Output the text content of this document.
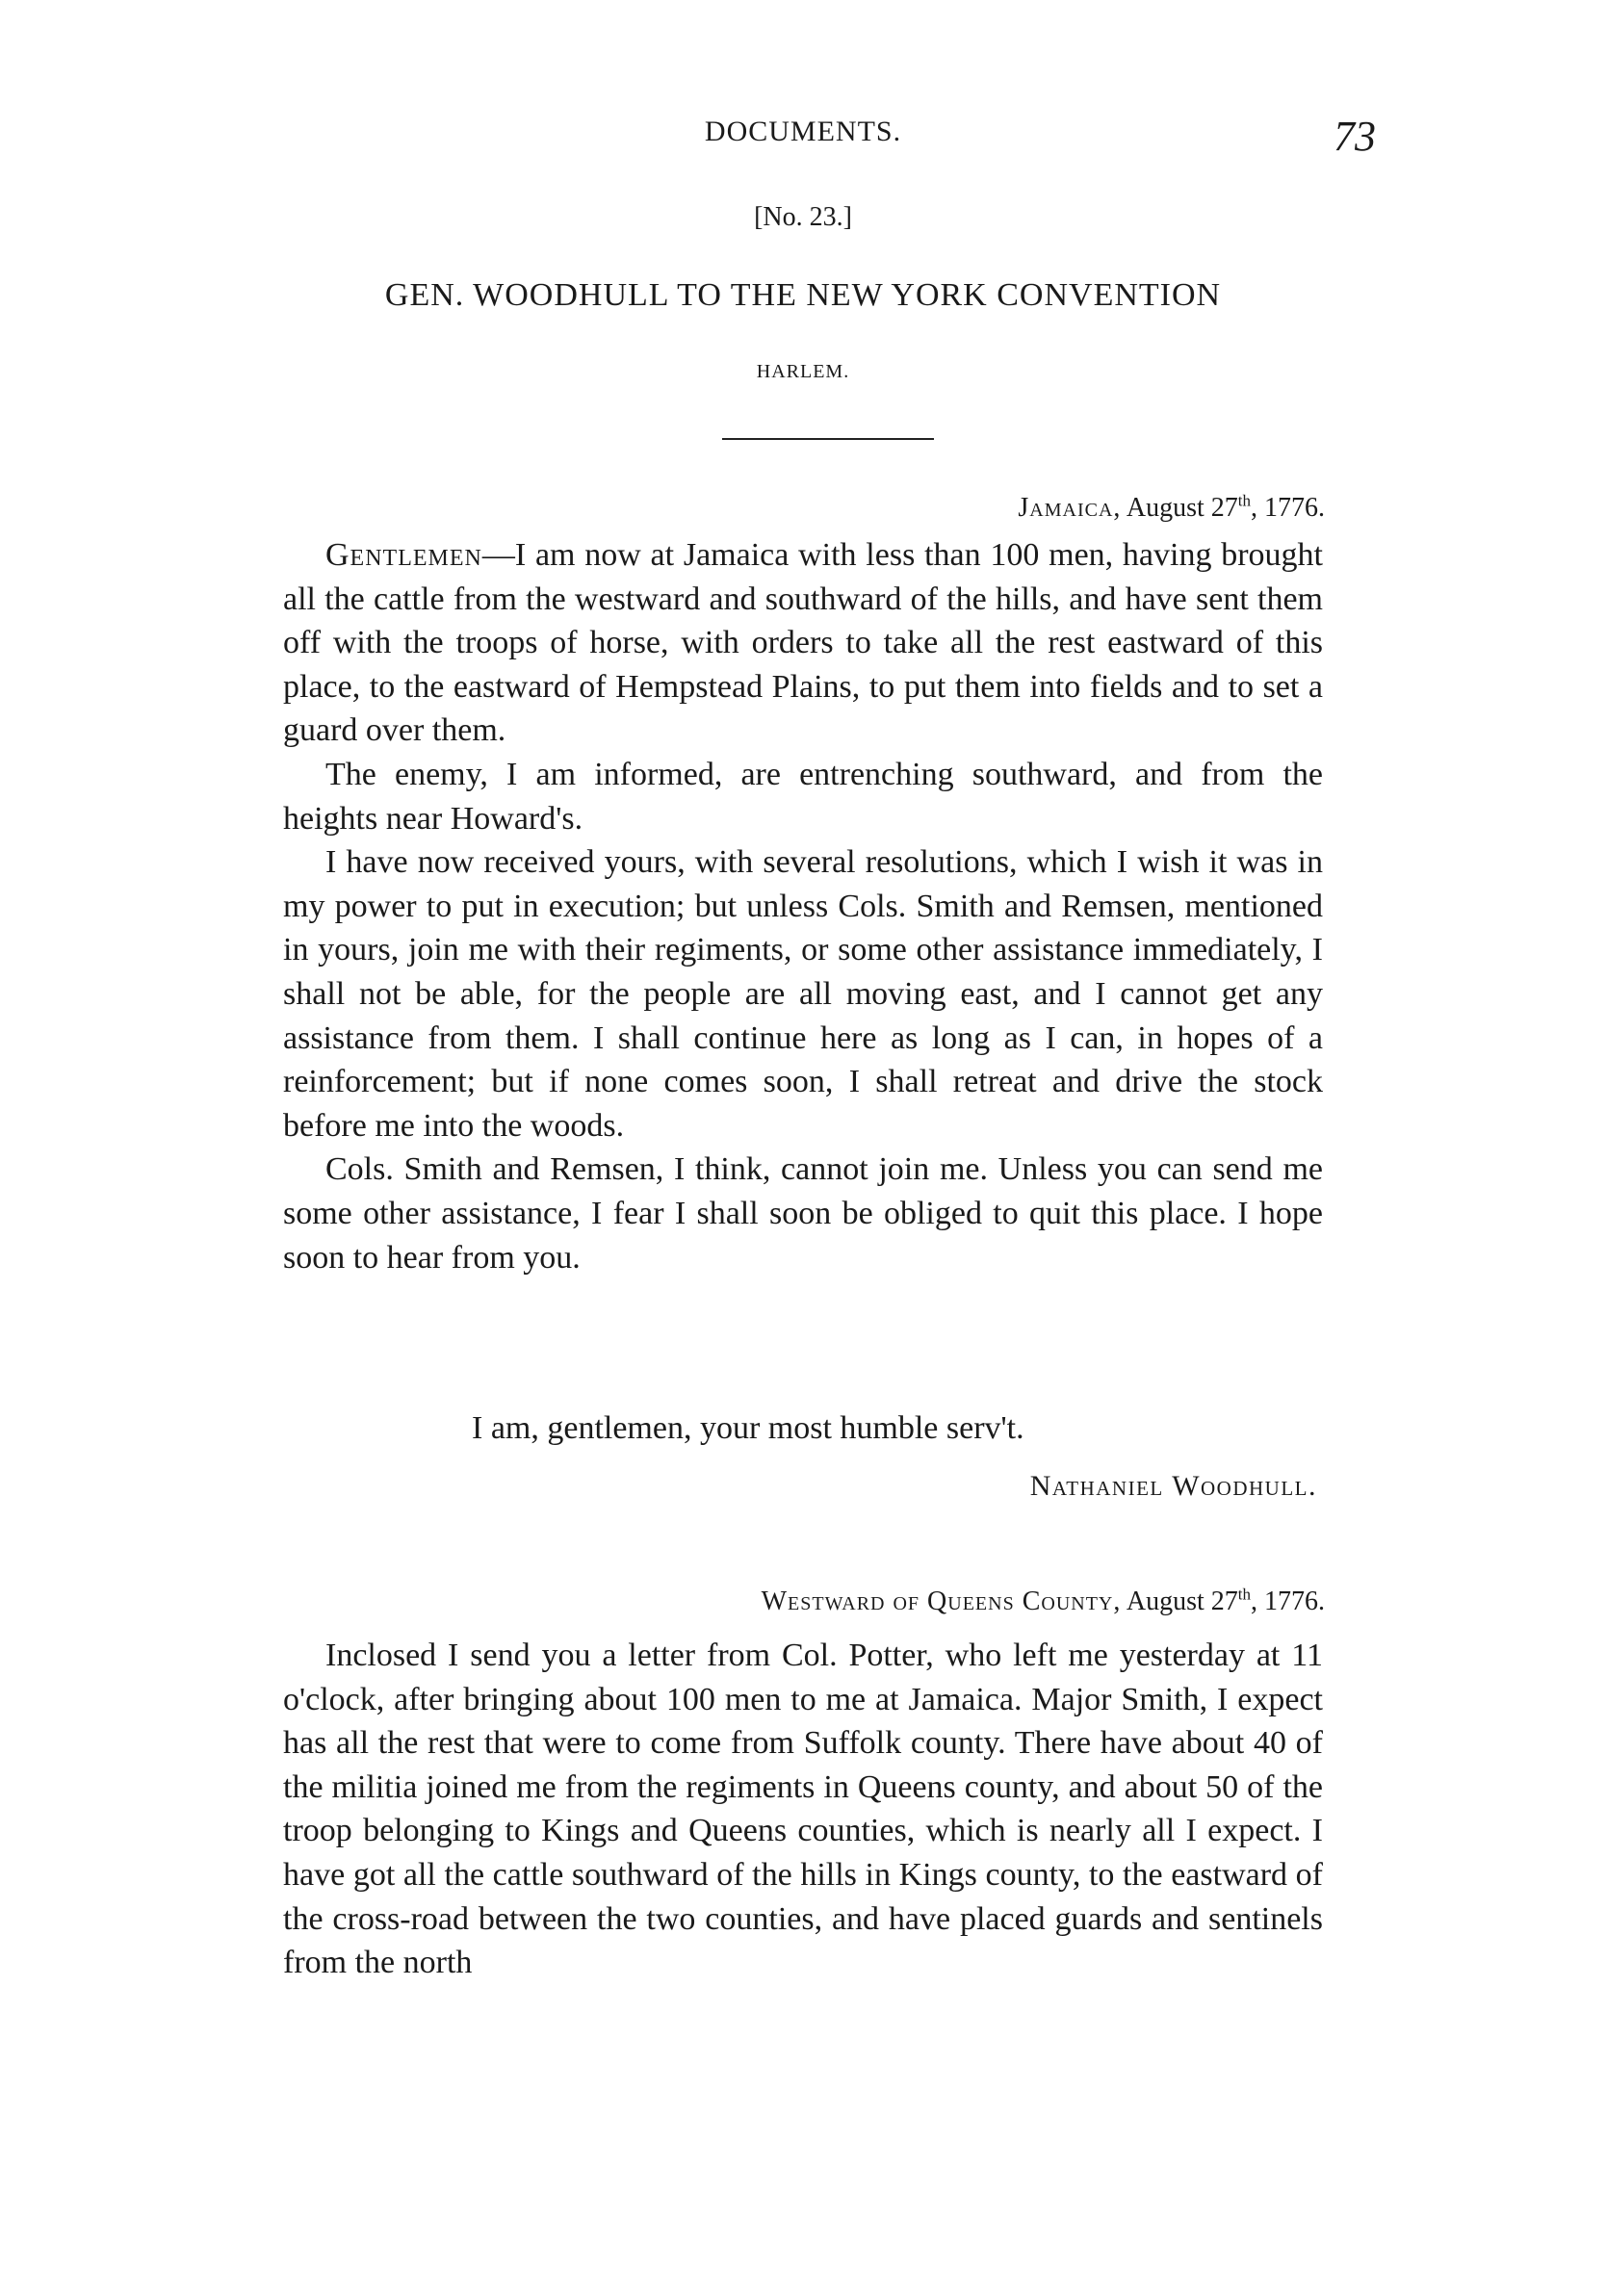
DOCUMENTS.	73
[No. 23.]
GEN. WOODHULL TO THE NEW YORK CONVENTION
HARLEM.
Jamaica, August 27th, 1776.

Gentlemen—I am now at Jamaica with less than 100 men, having brought all the cattle from the westward and southward of the hills, and have sent them off with the troops of horse, with orders to take all the rest eastward of this place, to the eastward of Hempstead Plains, to put them into fields and to set a guard over them.

The enemy, I am informed, are entrenching southward, and from the heights near Howard's.

I have now received yours, with several resolutions, which I wish it was in my power to put in execution; but unless Cols. Smith and Remsen, mentioned in yours, join me with their regiments, or some other assistance immediately, I shall not be able, for the people are all moving east, and I cannot get any assistance from them. I shall continue here as long as I can, in hopes of a reinforcement; but if none comes soon, I shall retreat and drive the stock before me into the woods.

Cols. Smith and Remsen, I think, cannot join me. Unless you can send me some other assistance, I fear I shall soon be obliged to quit this place. I hope soon to hear from you.

I am, gentlemen, your most humble serv't.
Nathaniel Woodhull.
Westward of Queens County, August 27th, 1776.

Inclosed I send you a letter from Col. Potter, who left me yesterday at 11 o'clock, after bringing about 100 men to me at Jamaica. Major Smith, I expect has all the rest that were to come from Suffolk county. There have about 40 of the militia joined me from the regiments in Queens county, and about 50 of the troop belonging to Kings and Queens counties, which is nearly all I expect. I have got all the cattle southward of the hills in Kings county, to the eastward of the cross-road between the two counties, and have placed guards and sentinels from the north
